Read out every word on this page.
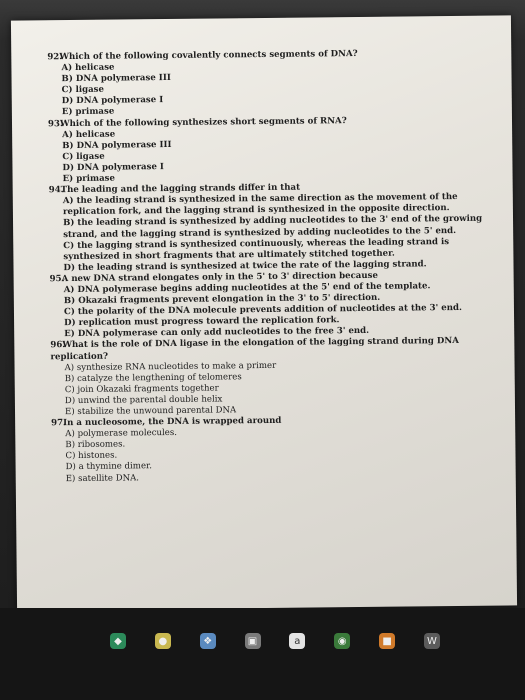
92.Which of the following covalently connects segments of DNA?
A) helicase
B) DNA polymerase III
C) ligase
D) DNA polymerase I
E) primase
93.Which of the following synthesizes short segments of RNA?
A) helicase
B) DNA polymerase III
C) ligase
D) DNA polymerase I
E) primase
94.The leading and the lagging strands differ in that
A) the leading strand is synthesized in the same direction as the movement of the replication fork, and the lagging strand is synthesized in the opposite direction.
B) the leading strand is synthesized by adding nucleotides to the 3' end of the growing strand, and the lagging strand is synthesized by adding nucleotides to the 5' end.
C) the lagging strand is synthesized continuously, whereas the leading strand is synthesized in short fragments that are ultimately stitched together.
D) the leading strand is synthesized at twice the rate of the lagging strand.
95.A new DNA strand elongates only in the 5' to 3' direction because
A) DNA polymerase begins adding nucleotides at the 5' end of the template.
B) Okazaki fragments prevent elongation in the 3' to 5' direction.
C) the polarity of the DNA molecule prevents addition of nucleotides at the 3' end.
D) replication must progress toward the replication fork.
E) DNA polymerase can only add nucleotides to the free 3' end.
96.What is the role of DNA ligase in the elongation of the lagging strand during DNA replication?
A) synthesize RNA nucleotides to make a primer
B) catalyze the lengthening of telomeres
C) join Okazaki fragments together
D) unwind the parental double helix
E) stabilize the unwound parental DNA
97.In a nucleosome, the DNA is wrapped around
A) polymerase molecules.
B) ribosomes.
C) histones.
D) a thymine dimer.
E) satellite DNA.
◆	●	❖	▣	a	◉	■	W
